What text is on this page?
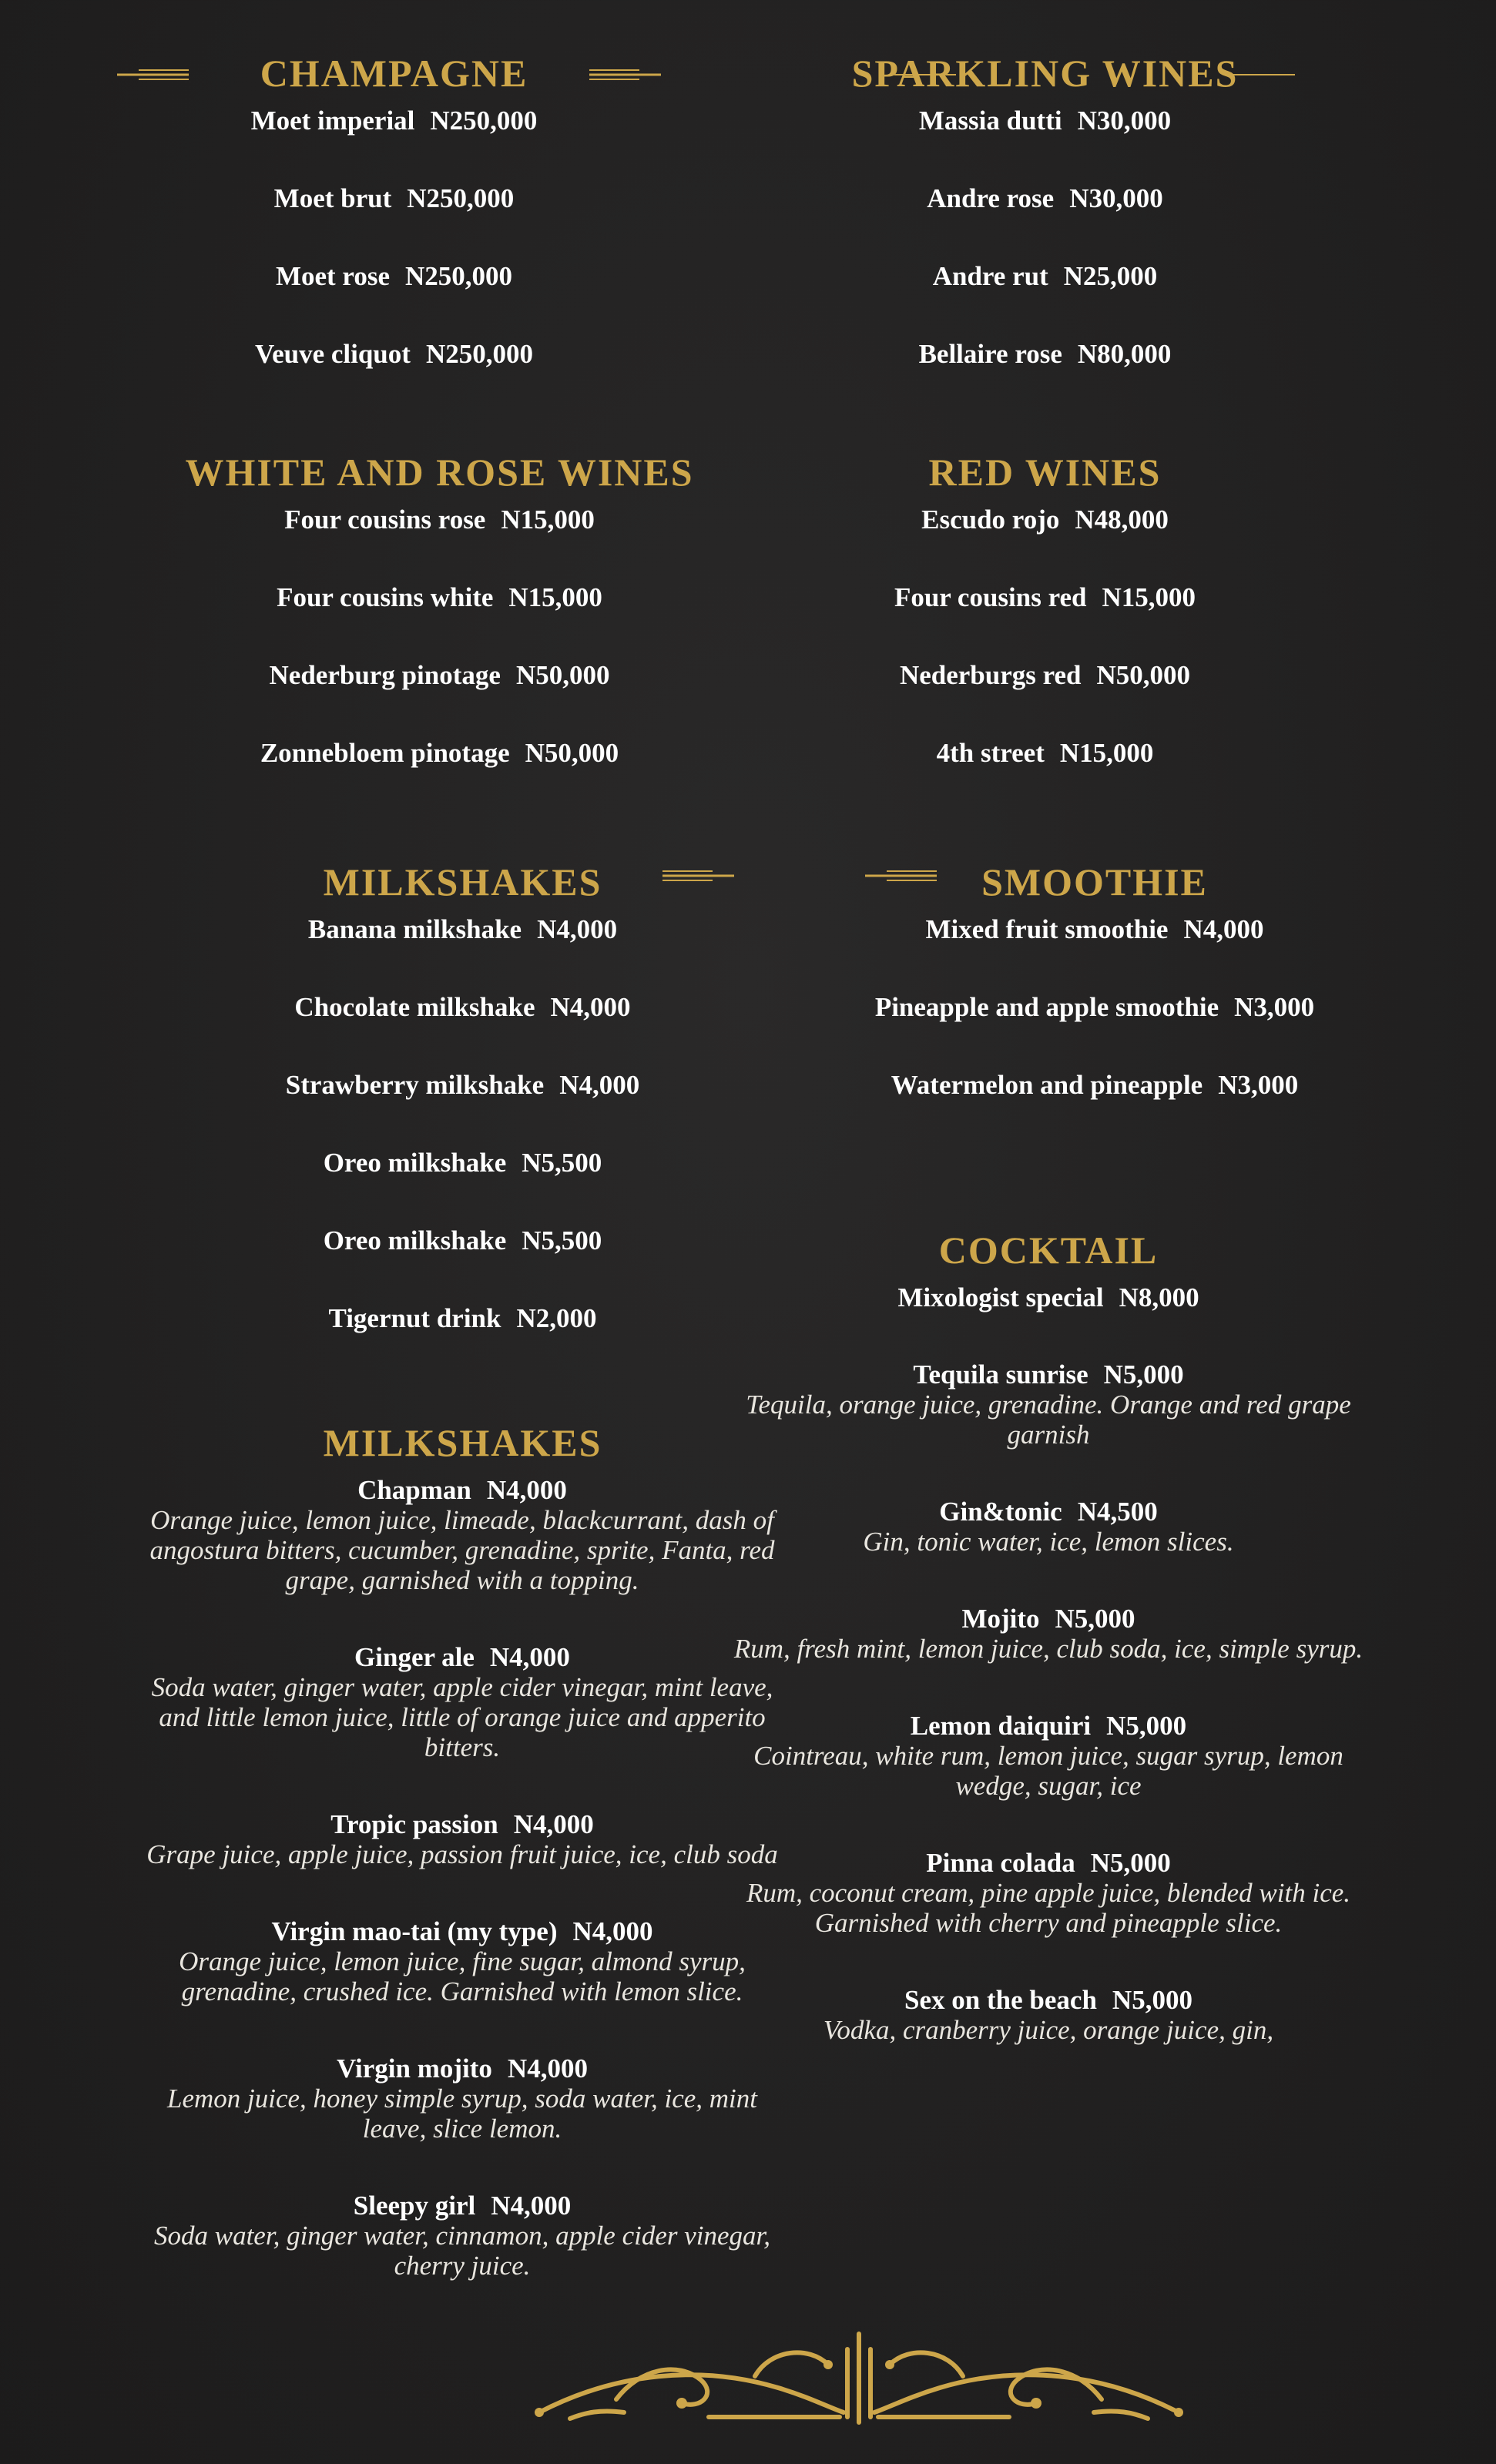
CHAMPAGNE
Moet imperial N250,000
Moet brut N250,000
Moet rose N250,000
Veuve cliquot N250,000
WHITE AND ROSE WINES
Four cousins rose N15,000
Four cousins white N15,000
Nederburg pinotage N50,000
Zonnebloem pinotage N50,000
MILKSHAKES
Banana milkshake N4,000
Chocolate milkshake N4,000
Strawberry milkshake N4,000
Oreo milkshake N5,500
Oreo milkshake N5,500
Tigernut drink N2,000
MILKSHAKES
Chapman N4,000
Orange juice, lemon juice, limeade, blackcurrant, dash of angostura bitters, cucumber, grenadine, sprite, Fanta, red grape, garnished with a topping.
Ginger ale N4,000
Soda water, ginger water, apple cider vinegar, mint leave, and little lemon juice, little of orange juice and apperito bitters.
Tropic passion N4,000
Grape juice, apple juice, passion fruit juice, ice, club soda
Virgin mao-tai (my type) N4,000
Orange juice, lemon juice, fine sugar, almond syrup, grenadine, crushed ice. Garnished with lemon slice.
Virgin mojito N4,000
Lemon juice, honey simple syrup, soda water, ice, mint leave, slice lemon.
Sleepy girl N4,000
Soda water, ginger water, cinnamon, apple cider vinegar, cherry juice.
SPARKLING WINES
Massia dutti N30,000
Andre rose N30,000
Andre rut N25,000
Bellaire rose N80,000
RED WINES
Escudo rojo N48,000
Four cousins red N15,000
Nederburgs red N50,000
4th street N15,000
SMOOTHIE
Mixed fruit smoothie N4,000
Pineapple and apple smoothie N3,000
Watermelon and pineapple N3,000
COCKTAIL
Mixologist special N8,000
Tequila sunrise N5,000
Tequila, orange juice, grenadine. Orange and red grape garnish
Gin&tonic N4,500
Gin, tonic water, ice, lemon slices.
Mojito N5,000
Rum, fresh mint, lemon juice, club soda, ice, simple syrup.
Lemon daiquiri N5,000
Cointreau, white rum, lemon juice, sugar syrup, lemon wedge, sugar, ice
Pinna colada N5,000
Rum, coconut cream, pine apple juice, blended with ice. Garnished with cherry and pineapple slice.
Sex on the beach N5,000
Vodka, cranberry juice, orange juice, gin,
